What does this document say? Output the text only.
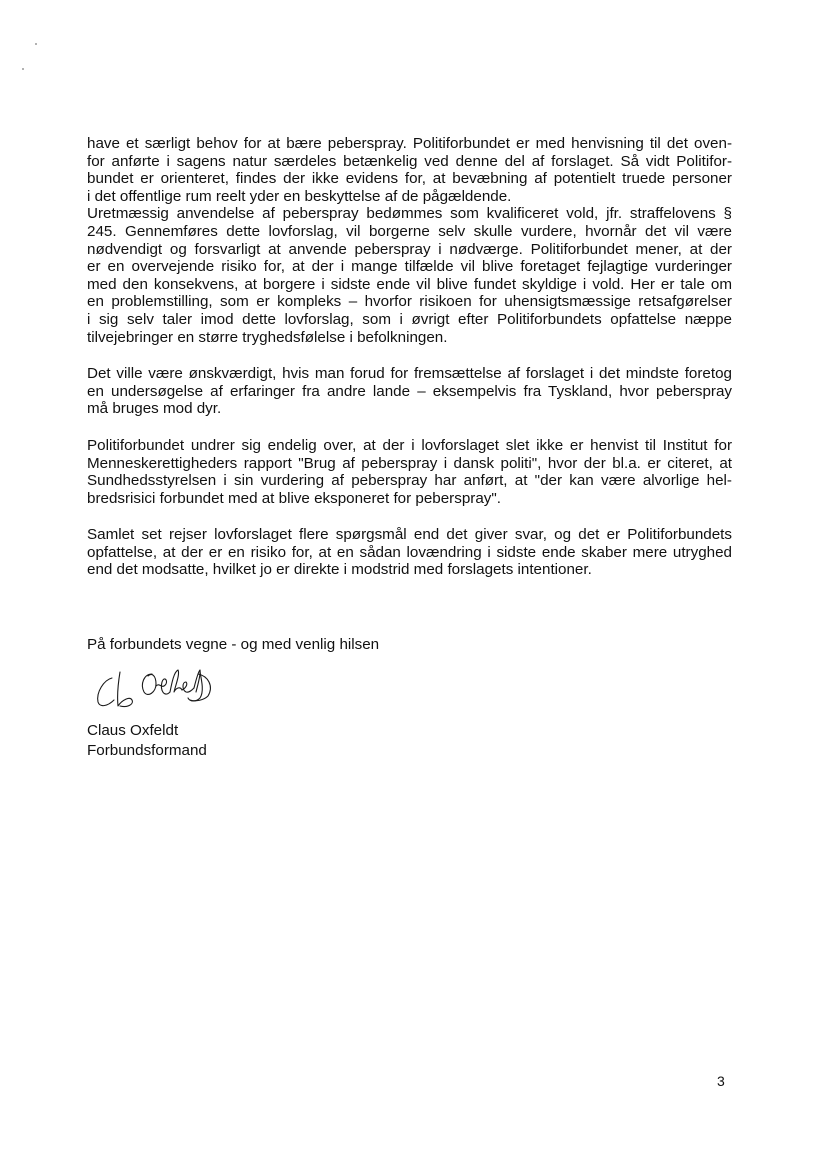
have et særligt behov for at bære peberspray. Politiforbundet er med henvisning til det oven-
for anførte i sagens natur særdeles betænkelig ved denne del af forslaget. Så vidt Politifor-
bundet er orienteret, findes der ikke evidens for, at bevæbning af potentielt truede personer
i det offentlige rum reelt yder en beskyttelse af de pågældende.
Uretmæssig anvendelse af peberspray bedømmes som kvalificeret vold, jfr. straffelovens §
245. Gennemføres dette lovforslag, vil borgerne selv skulle vurdere, hvornår det vil være
nødvendigt og forsvarligt at anvende peberspray i nødværge. Politiforbundet mener, at der
er en overvejende risiko for, at der i mange tilfælde vil blive foretaget fejlagtige vurderinger
med den konsekvens, at borgere i sidste ende vil blive fundet skyldige i vold. Her er tale om
en problemstilling, som er kompleks – hvorfor risikoen for uhensigtsmæssige retsafgørelser
i sig selv taler imod dette lovforslag, som i øvrigt efter Politiforbundets opfattelse næppe
tilvejebringer en større tryghedsfølelse i befolkningen.
Det ville være ønskværdigt, hvis man forud for fremsættelse af forslaget i det mindste foretog
en undersøgelse af erfaringer fra andre lande – eksempelvis fra Tyskland, hvor peberspray
må bruges mod dyr.
Politiforbundet undrer sig endelig over, at der i lovforslaget slet ikke er henvist til Institut for
Menneskerettigheders rapport "Brug af peberspray i dansk politi", hvor der bl.a. er citeret, at
Sundhedsstyrelsen i sin vurdering af peberspray har anført, at "der kan være alvorlige hel-
bredsrisici forbundet med at blive eksponeret for peberspray".
Samlet set rejser lovforslaget flere spørgsmål end det giver svar, og det er Politiforbundets
opfattelse, at der er en risiko for, at en sådan lovændring i sidste ende skaber mere utryghed
end det modsatte, hvilket jo er direkte i modstrid med forslagets intentioner.
På forbundets vegne - og med venlig hilsen
Claus Oxfeldt
Forbundsformand
3
